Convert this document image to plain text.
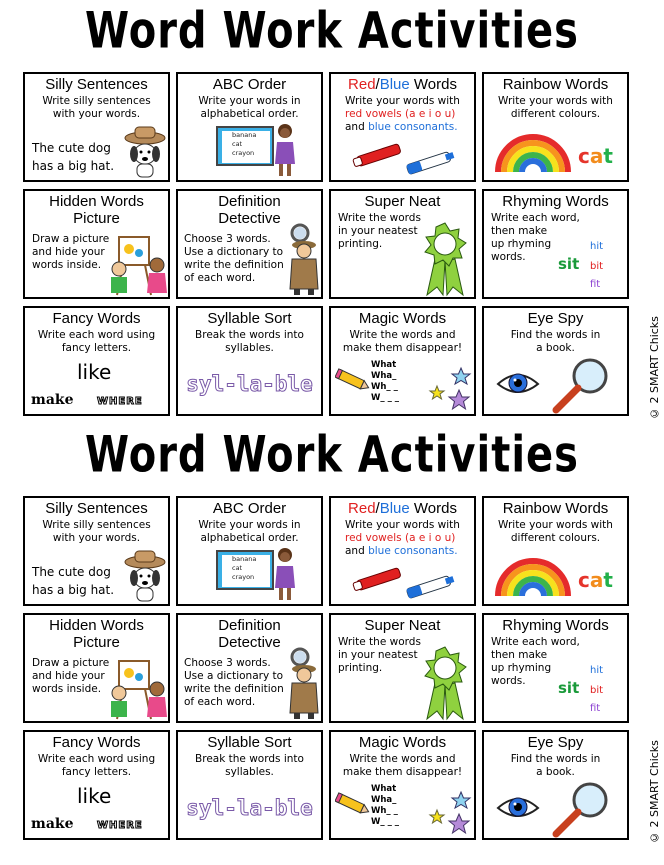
Word Work Activities
Silly Sentences
Write silly sentences
with your words.
The cute dog
has a big hat.
ABC Order
Write your words in
alphabetical order.
banana
cat
crayon
Red/Blue Words
Write your words with
red vowels (a e i o u)
and blue consonants.
Rainbow Words
Write your words with
different colours.
cat
Hidden Words
Picture
Draw a picture
and hide your
words inside.
Definition
Detective
Choose 3 words.
Use a dictionary to
write the definition
of each word.
Super Neat
Write the words
in your neatest
printing.
Rhyming Words
Write each word,
then make
up rhyming
words. sit
hit
bit
fit
Fancy Words
Write each word using
fancy letters.
like
make WHERE
Syllable Sort
Break the words into
syllables.
syl-la-ble
Magic Words
Write the words and
make them disappear!
What
Wha_
Wh_ _
W_ _ _
Eye Spy
Find the words in
a book.	© 2 SMART Chicks
Word Work Activities
Silly Sentences
Write silly sentences
with your words.
The cute dog
has a big hat.
ABC Order
Write your words in
alphabetical order.
banana
cat
crayon
Red/Blue Words
Write your words with
red vowels (a e i o u)
and blue consonants.
Rainbow Words
Write your words with
different colours.
cat
Hidden Words
Picture
Draw a picture
and hide your
words inside.
Definition
Detective
Choose 3 words.
Use a dictionary to
write the definition
of each word.
Super Neat
Write the words
in your neatest
printing.
Rhyming Words
Write each word,
then make
up rhyming
words. sit
hit
bit
fit
Fancy Words
Write each word using
fancy letters.
like
make WHERE
Syllable Sort
Break the words into
syllables.
syl-la-ble
Magic Words
Write the words and
make them disappear!
What
Wha_
Wh_ _
W_ _ _
Eye Spy
Find the words in
a book.	© 2 SMART Chicks
